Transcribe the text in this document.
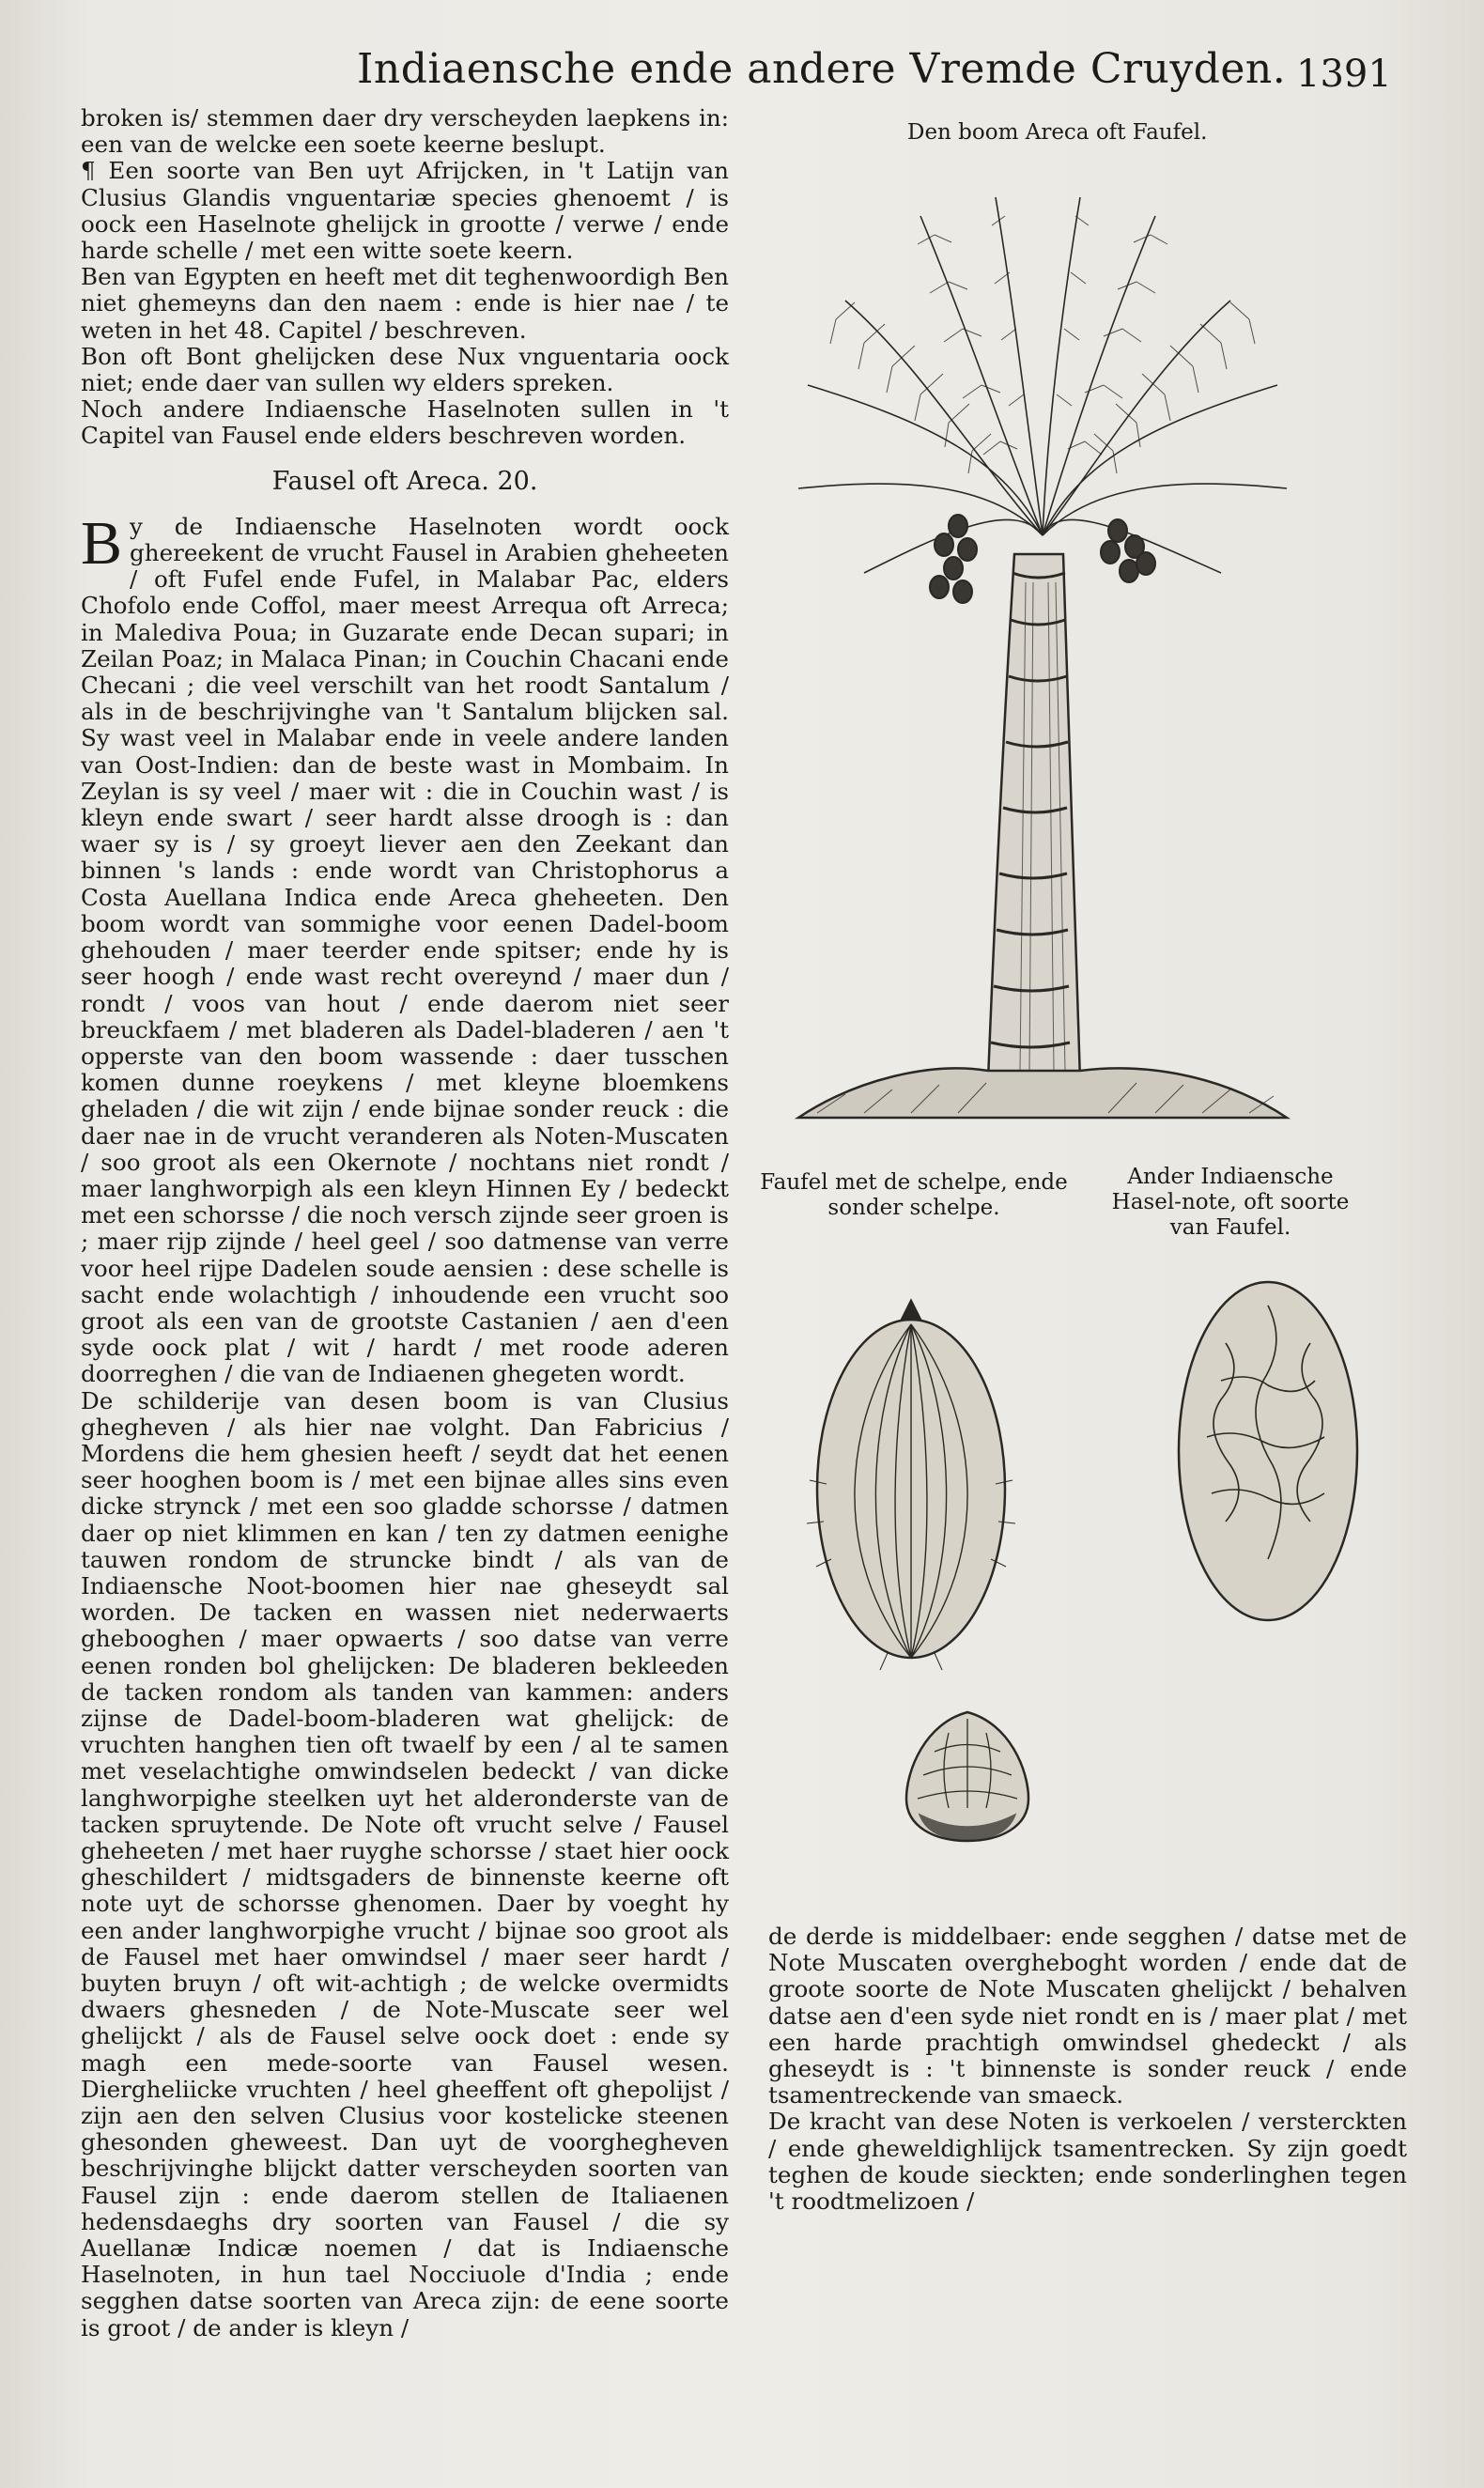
Indiaensche ende andere Vremde Cruyden. 1391

broken is/ stemmen daer dry verscheyden laepkens in: een van de welcke een soete keerne beslupt.

¶ Een soorte van Ben uyt Afrijcken, in 't Latijn van Clusius Glandis vnguentariæ species ghenoemt / is oock een Haselnote ghelijck in grootte / verwe / ende harde schelle / met een witte soete keern.

Ben van Egypten en heeft met dit teghenwoordigh Ben niet ghemeyns dan den naem : ende is hier nae / te weten in het 48. Capitel / beschreven.

Bon oft Bont ghelijcken dese Nux vnguentaria oock niet; ende daer van sullen wy elders spreken.

Noch andere Indiaensche Haselnoten sullen in 't Capitel van Fausel ende elders beschreven worden.

Fausel oft Areca. 20.

By de Indiaensche Haselnoten wordt oock ghereekent de vrucht Fausel in Arabien gheheeten / oft Fufel ende Fufel, in Malabar Pac, elders Chofolo ende Coffol, maer meest Arrequa oft Arreca; in Malediva Poua; in Guzarate ende Decan supari; in Zeilan Poaz; in Malaca Pinan; in Couchin Chacani ende Checani ; die veel verschilt van het roodt Santalum / als in de beschrijvinghe van 't Santalum blijcken sal. Sy wast veel in Malabar ende in veele andere landen van Oost-Indien: dan de beste wast in Mombaim. In Zeylan is sy veel / maer wit : die in Couchin wast / is kleyn ende swart / seer hardt alsse droogh is : dan waer sy is / sy groeyt liever aen den Zeekant dan binnen 's lands : ende wordt van Christophorus a Costa Auellana Indica ende Areca gheheeten. Den boom wordt van sommighe voor eenen Dadel-boom ghehouden / maer teerder ende spitser; ende hy is seer hoogh / ende wast recht overeynd / maer dun / rondt / voos van hout / ende daerom niet seer breuckfaem / met bladeren als Dadel-bladeren / aen 't opperste van den boom wassende : daer tusschen komen dunne roeykens / met kleyne bloemkens gheladen / die wit zijn / ende bijnae sonder reuck : die daer nae in de vrucht veranderen als Noten-Muscaten / soo groot als een Okernote / nochtans niet rondt / maer langhworpigh als een kleyn Hinnen Ey / bedeckt met een schorsse / die noch versch zijnde seer groen is ; maer rijp zijnde / heel geel / soo datmense van verre voor heel rijpe Dadelen soude aensien : dese schelle is sacht ende wolachtigh / inhoudende een vrucht soo groot als een van de grootste Castanien / aen d'een syde oock plat / wit / hardt / met roode aderen doorreghen / die van de Indiaenen ghegeten wordt.

De schilderije van desen boom is van Clusius ghegheven / als hier nae volght. Dan Fabricius / Mordens die hem ghesien heeft / seydt dat het eenen seer hooghen boom is / met een bijnae alles sins even dicke strynck / met een soo gladde schorsse / datmen daer op niet klimmen en kan / ten zy datmen eenighe tauwen rondom de struncke bindt / als van de Indiaensche Noot-boomen hier nae gheseydt sal worden. De tacken en wassen niet nederwaerts ghebooghen / maer opwaerts / soo datse van verre eenen ronden bol ghelijcken: De bladeren bekleeden de tacken rondom als tanden van kammen: anders zijnse de Dadel-boom-bladeren wat ghelijck: de vruchten hanghen tien oft twaelf by een / al te samen met veselachtighe omwindselen bedeckt / van dicke langhworpighe steelken uyt het alderonderste van de tacken spruytende. De Note oft vrucht selve / Fausel gheheeten / met haer ruyghe schorsse / staet hier oock gheschildert / midtsgaders de binnenste keerne oft note uyt de schorsse ghenomen. Daer by voeght hy een ander langhworpighe vrucht / bijnae soo groot als de Fausel met haer omwindsel / maer seer hardt / buyten bruyn / oft wit-achtigh ; de welcke overmidts dwaers ghesneden / de Note-Muscate seer wel ghelijckt / als de Fausel selve oock doet : ende sy magh een mede-soorte van Fausel wesen. Diergheliicke vruchten / heel gheeffent oft ghepolijst / zijn aen den selven Clusius voor kostelicke steenen ghesonden gheweest. Dan uyt de voorghegheven beschrijvinghe blijckt datter verscheyden soorten van Fausel zijn : ende daerom stellen de Italiaenen hedensdaeghs dry soorten van Fausel / die sy Auellanæ Indicæ noemen / dat is Indiaensche Haselnoten, in hun tael Nocciuole d'India ; ende segghen datse soorten van Areca zijn: de eene soorte is groot / de ander is kleyn /

Den boom Areca oft Faufel.
Faufel met de schelpe, ende sonder schelpe.
Ander Indiaensche Hasel-note, oft soorte van Faufel.

de derde is middelbaer: ende segghen / datse met de Note Muscaten overgheboght worden / ende dat de groote soorte de Note Muscaten ghelijckt / behalven datse aen d'een syde niet rondt en is / maer plat / met een harde prachtigh omwindsel ghedeckt / als gheseydt is : 't binnenste is sonder reuck / ende tsamentreckende van smaeck.

De kracht van dese Noten is verkoelen / versterckten / ende gheweldighlijck tsamentrecken. Sy zijn goedt teghen de koude sieckten; ende sonderlinghen tegen 't roodtmelizoen /
